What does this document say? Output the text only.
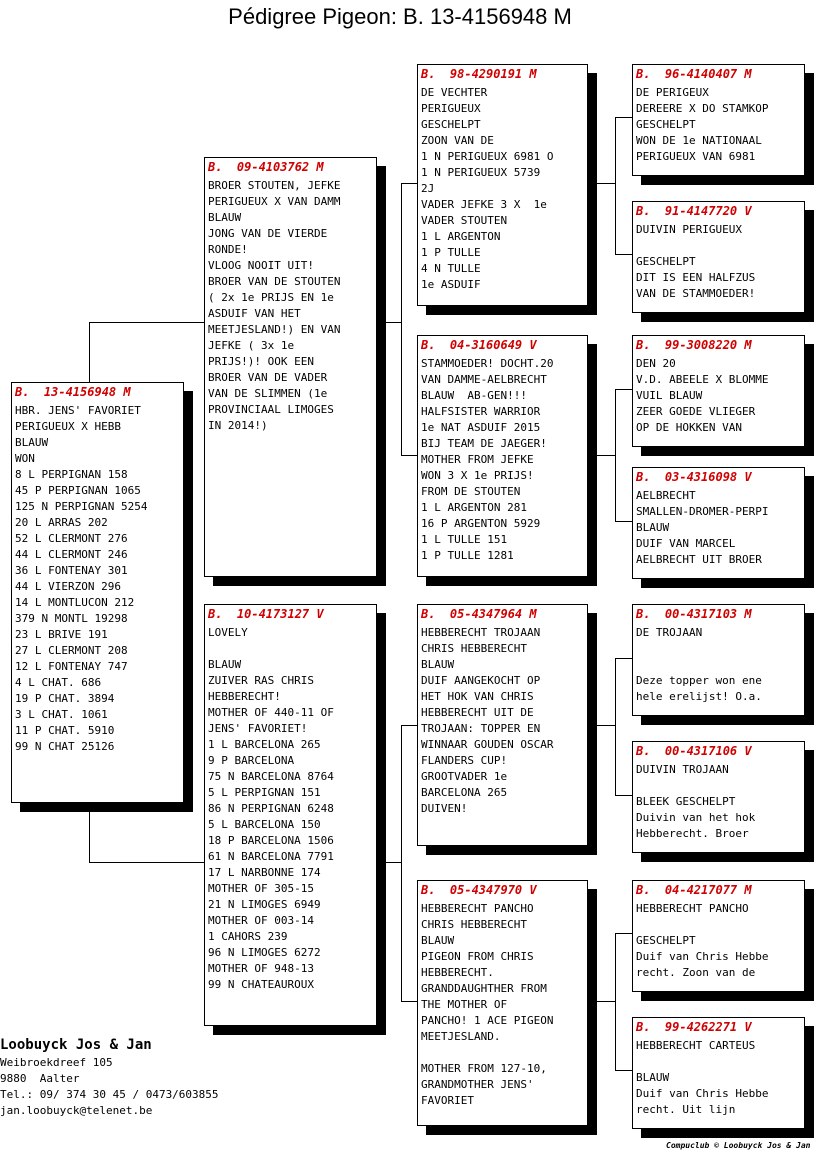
Pédigree Pigeon: B. 13-4156948 M
B.  13-4156948 M
HBR. JENS' FAVORIET
PERIGUEUX X HEBB
BLAUW
WON
8 L PERPIGNAN 158
45 P PERPIGNAN 1065
125 N PERPIGNAN 5254
20 L ARRAS 202
52 L CLERMONT 276
44 L CLERMONT 246
36 L FONTENAY 301
44 L VIERZON 296
14 L MONTLUCON 212
379 N MONTL 19298
23 L BRIVE 191
27 L CLERMONT 208
12 L FONTENAY 747
4 L CHAT. 686
19 P CHAT. 3894
3 L CHAT. 1061
11 P CHAT. 5910
99 N CHAT 25126
B.  09-4103762 M
BROER STOUTEN, JEFKE
PERIGUEUX X VAN DAMM
BLAUW
JONG VAN DE VIERDE
RONDE!
VLOOG NOOIT UIT!
BROER VAN DE STOUTEN
( 2x 1e PRIJS EN 1e
ASDUIF VAN HET
MEETJESLAND!) EN VAN
JEFKE ( 3x 1e
PRIJS!)! OOK EEN
BROER VAN DE VADER
VAN DE SLIMMEN (1e
PROVINCIAAL LIMOGES
IN 2014!)
B.  10-4173127 V
LOVELY
BLAUW
ZUIVER RAS CHRIS
HEBBERECHT!
MOTHER OF 440-11 OF
JENS' FAVORIET!
1 L BARCELONA 265
9 P BARCELONA
75 N BARCELONA 8764
5 L PERPIGNAN 151
86 N PERPIGNAN 6248
5 L BARCELONA 150
18 P BARCELONA 1506
61 N BARCELONA 7791
17 L NARBONNE 174
MOTHER OF 305-15
21 N LIMOGES 6949
MOTHER OF 003-14
1 CAHORS 239
96 N LIMOGES 6272
MOTHER OF 948-13
99 N CHATEAUROUX
B.  98-4290191 M
DE VECHTER
PERIGUEUX
GESCHELPT
ZOON VAN DE
1 N PERIGUEUX 6981 O
1 N PERIGUEUX 5739
2J
VADER JEFKE 3 X  1e
VADER STOUTEN
1 L ARGENTON
1 P TULLE
4 N TULLE
1e ASDUIF
B.  04-3160649 V
STAMMOEDER! DOCHT.20
VAN DAMME-AELBRECHT
BLAUW  AB-GEN!!!
HALFSISTER WARRIOR
1e NAT ASDUIF 2015
BIJ TEAM DE JAEGER!
MOTHER FROM JEFKE
WON 3 X 1e PRIJS!
FROM DE STOUTEN
1 L ARGENTON 281
16 P ARGENTON 5929
1 L TULLE 151
1 P TULLE 1281
B.  05-4347964 M
HEBBERECHT TROJAAN
CHRIS HEBBERECHT
BLAUW
DUIF AANGEKOCHT OP
HET HOK VAN CHRIS
HEBBERECHT UIT DE
TROJAAN: TOPPER EN
WINNAAR GOUDEN OSCAR
FLANDERS CUP!
GROOTVADER 1e
BARCELONA 265
DUIVEN!
B.  05-4347970 V
HEBBERECHT PANCHO
CHRIS HEBBERECHT
BLAUW
PIGEON FROM CHRIS
HEBBERECHT.
GRANDDAUGHTHER FROM
THE MOTHER OF
PANCHO! 1 ACE PIGEON
MEETJESLAND.
MOTHER FROM 127-10,
GRANDMOTHER JENS'
FAVORIET
B.  96-4140407 M
DE PERIGEUX
DEREERE X DO STAMKOP
GESCHELPT
WON DE 1e NATIONAAL
PERIGUEUX VAN 6981
B.  91-4147720 V
DUIVIN PERIGUEUX
GESCHELPT
DIT IS EEN HALFZUS
VAN DE STAMMOEDER!
B.  99-3008220 M
DEN 20
V.D. ABEELE X BLOMME
VUIL BLAUW
ZEER GOEDE VLIEGER
OP DE HOKKEN VAN
B.  03-4316098 V
AELBRECHT
SMALLEN-DROMER-PERPI
BLAUW
DUIF VAN MARCEL
AELBRECHT UIT BROER
B.  00-4317103 M
DE TROJAAN
Deze topper won ene
hele erelijst! O.a.
B.  00-4317106 V
DUIVIN TROJAAN
BLEEK GESCHELPT
Duivin van het hok
Hebberecht. Broer
B.  04-4217077 M
HEBBERECHT PANCHO
GESCHELPT
Duif van Chris Hebbe
recht. Zoon van de
B.  99-4262271 V
HEBBERECHT CARTEUS
BLAUW
Duif van Chris Hebbe
recht. Uit lijn
Loobuyck Jos & Jan
Weibroekdreef 105
9880  Aalter
Tel.: 09/ 374 30 45 / 0473/603855
jan.loobuyck@telenet.be
Compuclub © Loobuyck Jos & Jan
